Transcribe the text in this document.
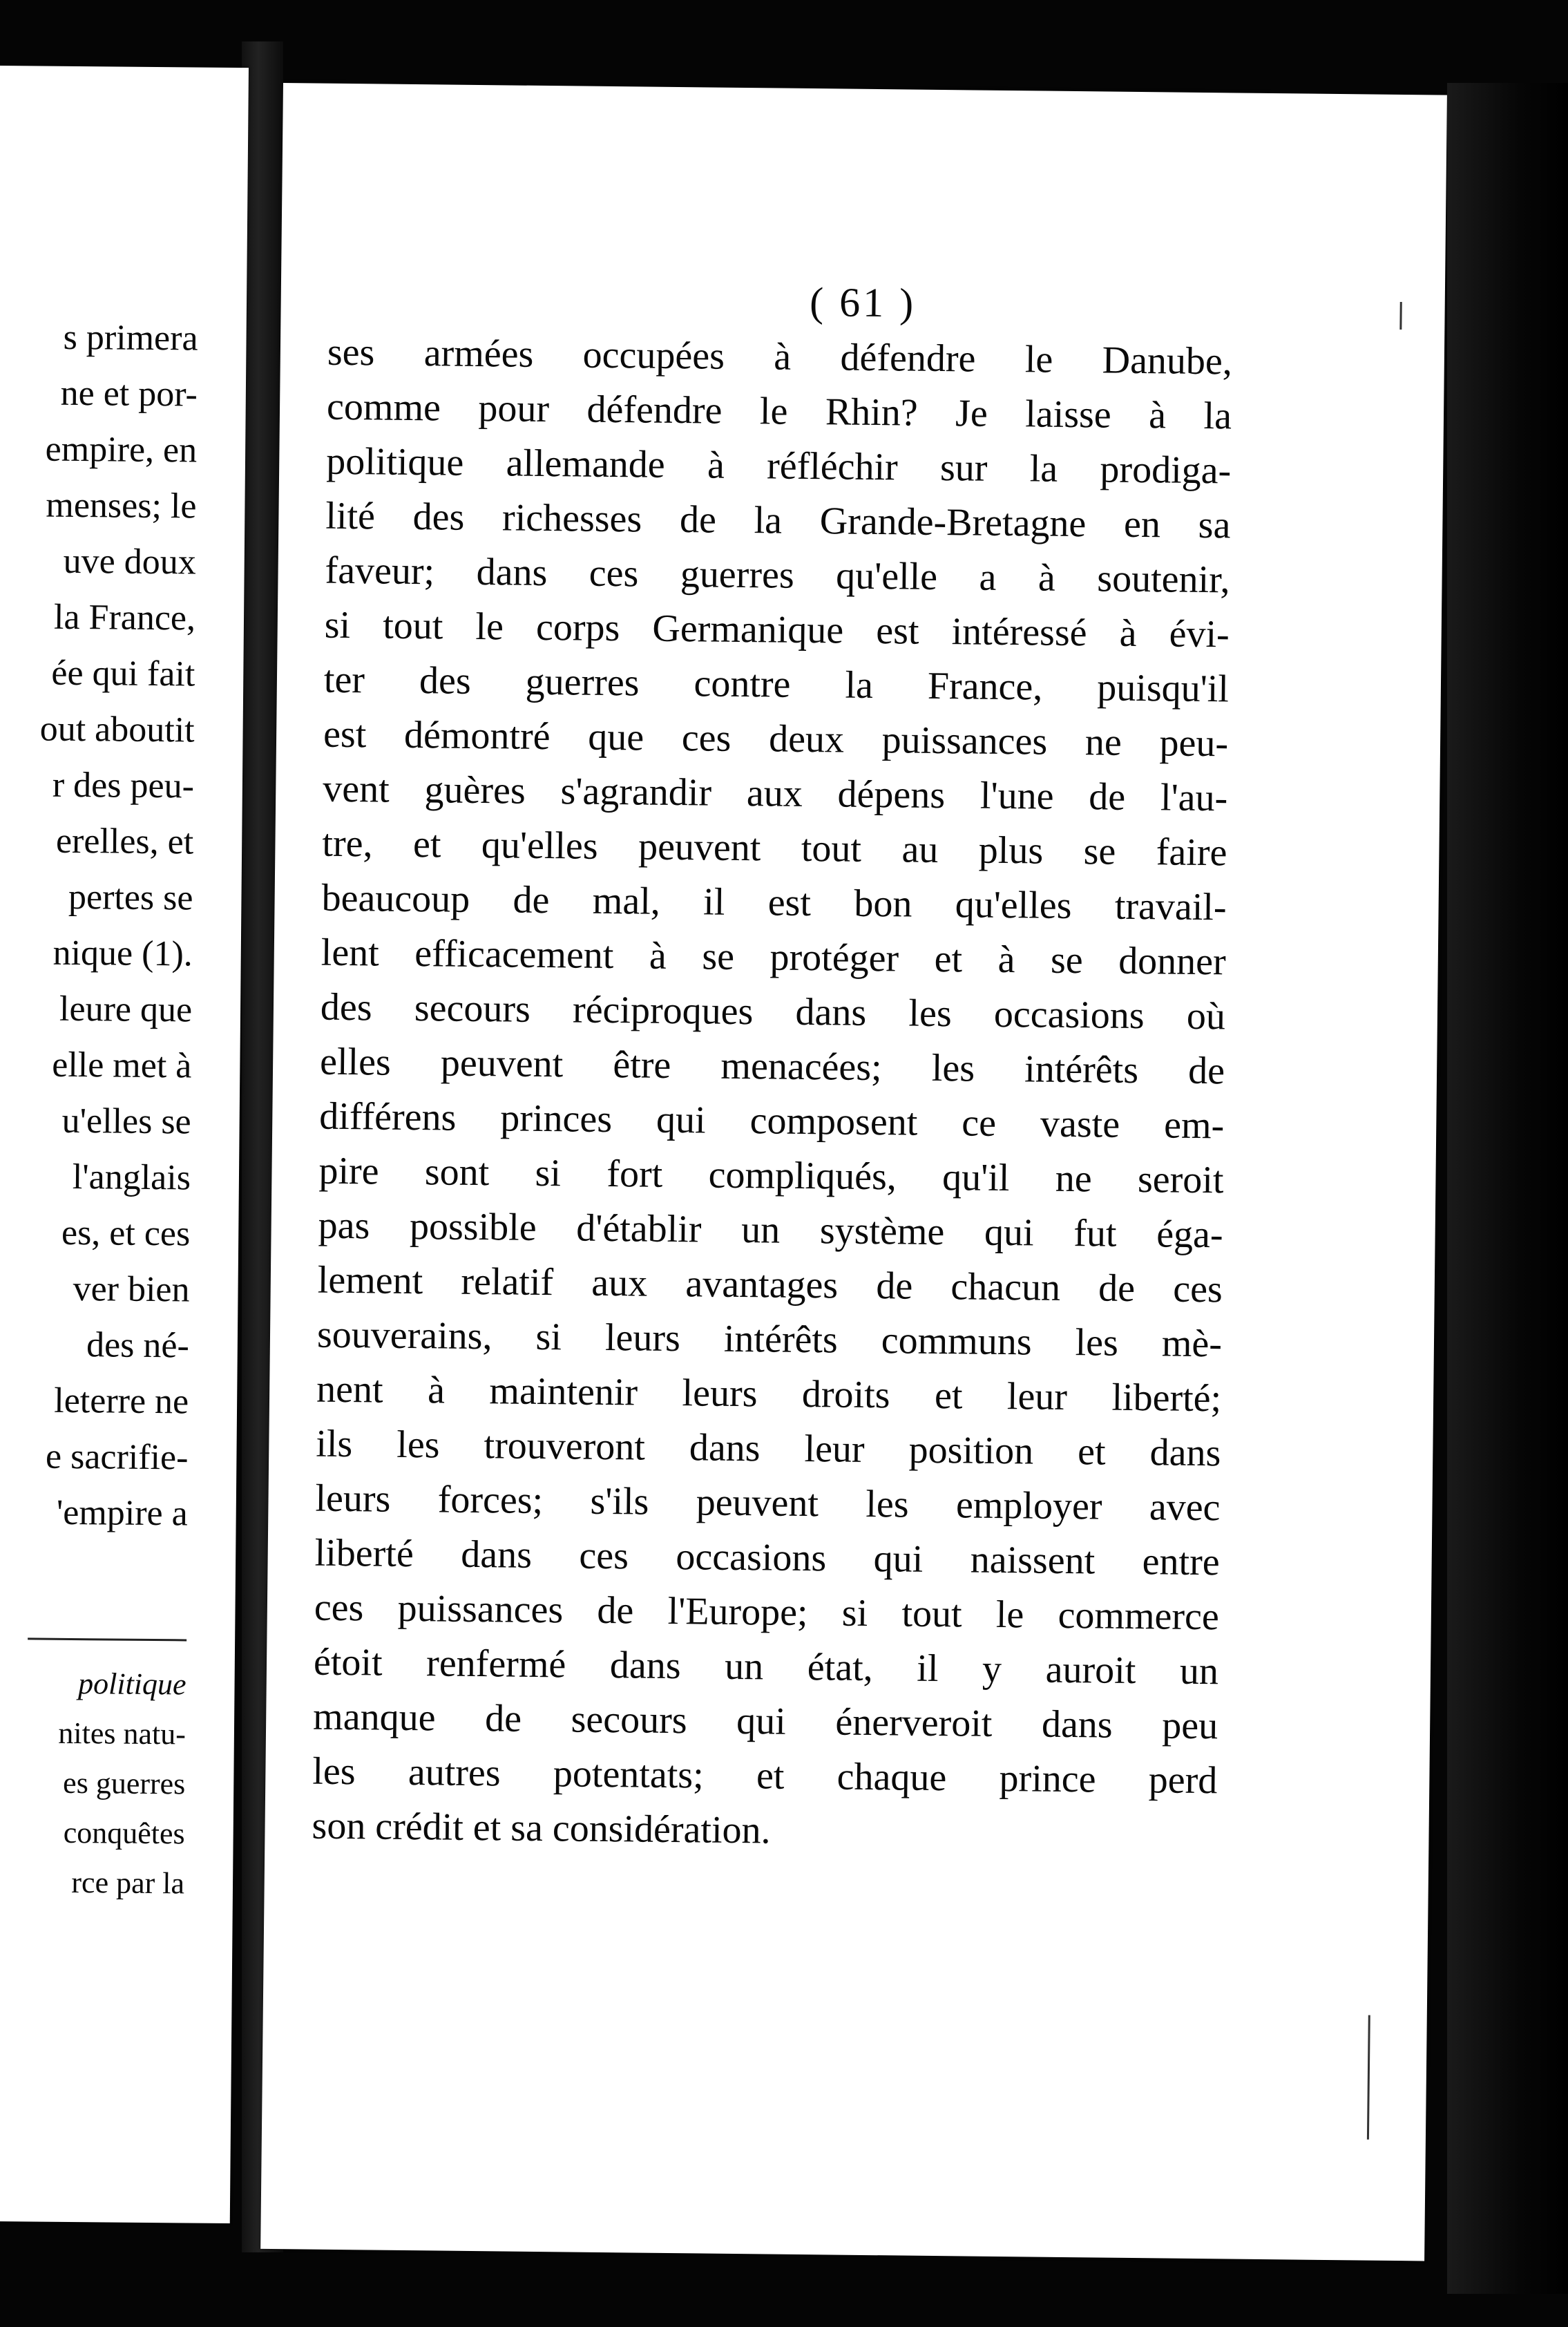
s primera
ne et por-
empire, en
menses; le
uve doux
la France,
ée qui fait
out aboutit
r des peu-
erelles, et
pertes se
nique (1).
leure que
elle met à
u'elles se
l'anglais
es, et ces
ver bien
des né-
leterre ne
e sacrifie-
'empire a
politique
nites natu-
es guerres
conquêtes
rce par la
( 61 )
ses armées occupées à défendre le Danube,
comme pour défendre le Rhin? Je laisse à la
politique allemande à réfléchir sur la prodiga-
lité des richesses de la Grande-Bretagne en sa
faveur; dans ces guerres qu'elle a à soutenir,
si tout le corps Germanique est intéressé à évi-
ter des guerres contre la France, puisqu'il
est démontré que ces deux puissances ne peu-
vent guères s'agrandir aux dépens l'une de l'au-
tre, et qu'elles peuvent tout au plus se faire
beaucoup de mal, il est bon qu'elles travail-
lent efficacement à se protéger et à se donner
des secours réciproques dans les occasions où
elles peuvent être menacées; les intérêts de
différens princes qui composent ce vaste em-
pire sont si fort compliqués, qu'il ne seroit
pas possible d'établir un système qui fut éga-
lement relatif aux avantages de chacun de ces
souverains, si leurs intérêts communs les mè-
nent à maintenir leurs droits et leur liberté;
ils les trouveront dans leur position et dans
leurs forces; s'ils peuvent les employer avec
liberté dans ces occasions qui naissent entre
ces puissances de l'Europe; si tout le commerce
étoit renfermé dans un état, il y auroit un
manque de secours qui énerveroit dans peu
les autres potentats; et chaque prince perd
son crédit et sa considération.
